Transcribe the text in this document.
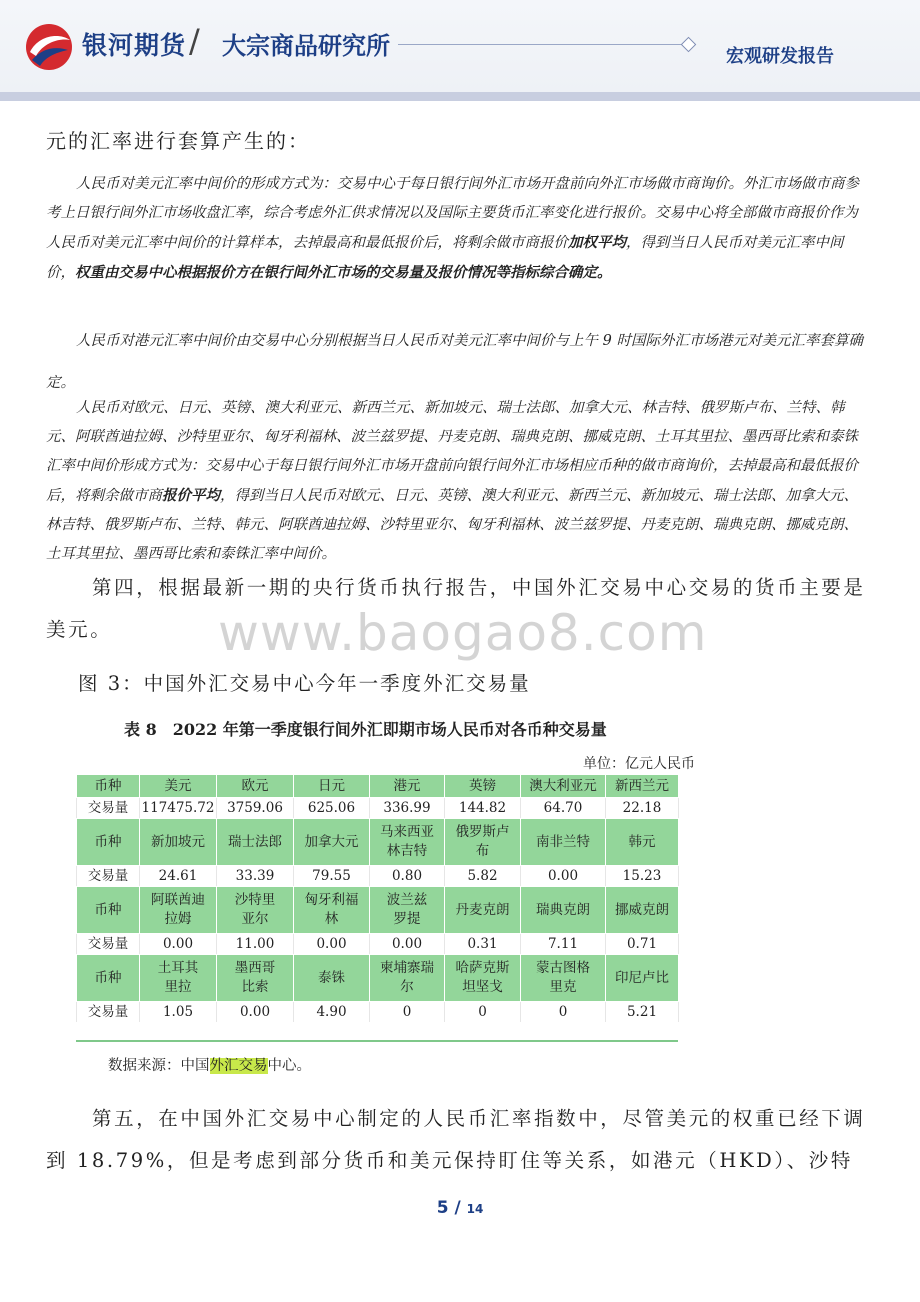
银河期货 / 大宗商品研究所	宏观研发报告
元的汇率进行套算产生的：
人民币对美元汇率中间价的形成方式为：交易中心于每日银行间外汇市场开盘前向外汇市场做市商询价。外汇市场做市商参考上日银行间外汇市场收盘汇率，综合考虑外汇供求情况以及国际主要货币汇率变化进行报价。交易中心将全部做市商报价作为人民币对美元汇率中间价的计算样本，去掉最高和最低报价后，将剩余做市商报价加权平均，得到当日人民币对美元汇率中间价，权重由交易中心根据报价方在银行间外汇市场的交易量及报价情况等指标综合确定。
人民币对港元汇率中间价由交易中心分别根据当日人民币对美元汇率中间价与上午 9 时国际外汇市场港元对美元汇率套算确定。
人民币对欧元、日元、英镑、澳大利亚元、新西兰元、新加坡元、瑞士法郎、加拿大元、林吉特、俄罗斯卢布、兰特、韩元、阿联酋迪拉姆、沙特里亚尔、匈牙利福林、波兰兹罗提、丹麦克朗、瑞典克朗、挪威克朗、土耳其里拉、墨西哥比索和泰铢汇率中间价形成方式为：交易中心于每日银行间外汇市场开盘前向银行间外汇市场相应币种的做市商询价，去掉最高和最低报价后，将剩余做市商报价平均，得到当日人民币对欧元、日元、英镑、澳大利亚元、新西兰元、新加坡元、瑞士法郎、加拿大元、林吉特、俄罗斯卢布、兰特、韩元、阿联酋迪拉姆、沙特里亚尔、匈牙利福林、波兰兹罗提、丹麦克朗、瑞典克朗、挪威克朗、土耳其里拉、墨西哥比索和泰铢汇率中间价。
第四，根据最新一期的央行货币执行报告，中国外汇交易中心交易的货币主要是美元。	www.baogao8.com
图 3：中国外汇交易中心今年一季度外汇交易量
表 8　2022 年第一季度银行间外汇即期市场人民币对各币种交易量
单位：亿元人民币
币种	美元	欧元	日元	港元	英镑	澳大利亚元	新西兰元
交易量	117475.72	3759.06	625.06	336.99	144.82	64.70	22.18
币种	新加坡元	瑞士法郎	加拿大元	马来西亚林吉特	俄罗斯卢布	南非兰特	韩元
交易量	24.61	33.39	79.55	0.80	5.82	0.00	15.23
币种	阿联酋迪拉姆	沙特里亚尔	匈牙利福林	波兰兹罗提	丹麦克朗	瑞典克朗	挪威克朗
交易量	0.00	11.00	0.00	0.00	0.31	7.11	0.71
币种	土耳其里拉	墨西哥比索	泰铢	柬埔寨瑞尔	哈萨克斯坦坚戈	蒙古图格里克	印尼卢比
交易量	1.05	0.00	4.90	0	0	0	5.21
数据来源：中国外汇交易中心。
第五，在中国外汇交易中心制定的人民币汇率指数中，尽管美元的权重已经下调到 18.79%，但是考虑到部分货币和美元保持盯住等关系，如港元（HKD）、沙特
5 / 14
